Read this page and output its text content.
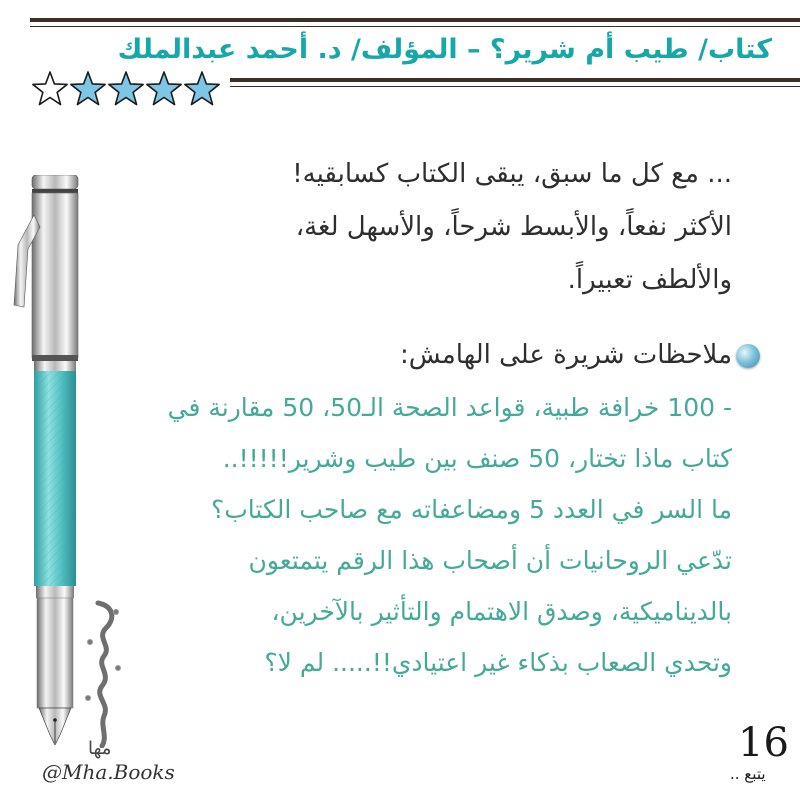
كتاب/ طيب أم شرير؟ – المؤلف/ د. أحمد عبدالملك
... مع كل ما سبق، يبقى الكتاب كسابقيه!
الأكثر نفعاً، والأبسط شرحاً، والأسهل لغة،
والألطف تعبيراً.
ملاحظات شريرة على الهامش:
- 100 خرافة طبية، قواعد الصحة الـ50، 50 مقارنة في
كتاب ماذا تختار، 50 صنف بين طيب وشرير!!!!!..
ما السر في العدد 5 ومضاعفاته مع صاحب الكتاب؟
تدّعي الروحانيات أن أصحاب هذا الرقم يتمتعون
بالديناميكية، وصدق الاهتمام والتأثير بالآخرين،
وتحدي الصعاب بذكاء غير اعتيادي!!..... لم لا؟
16
يتبع ..
مها
@Mha.Books
